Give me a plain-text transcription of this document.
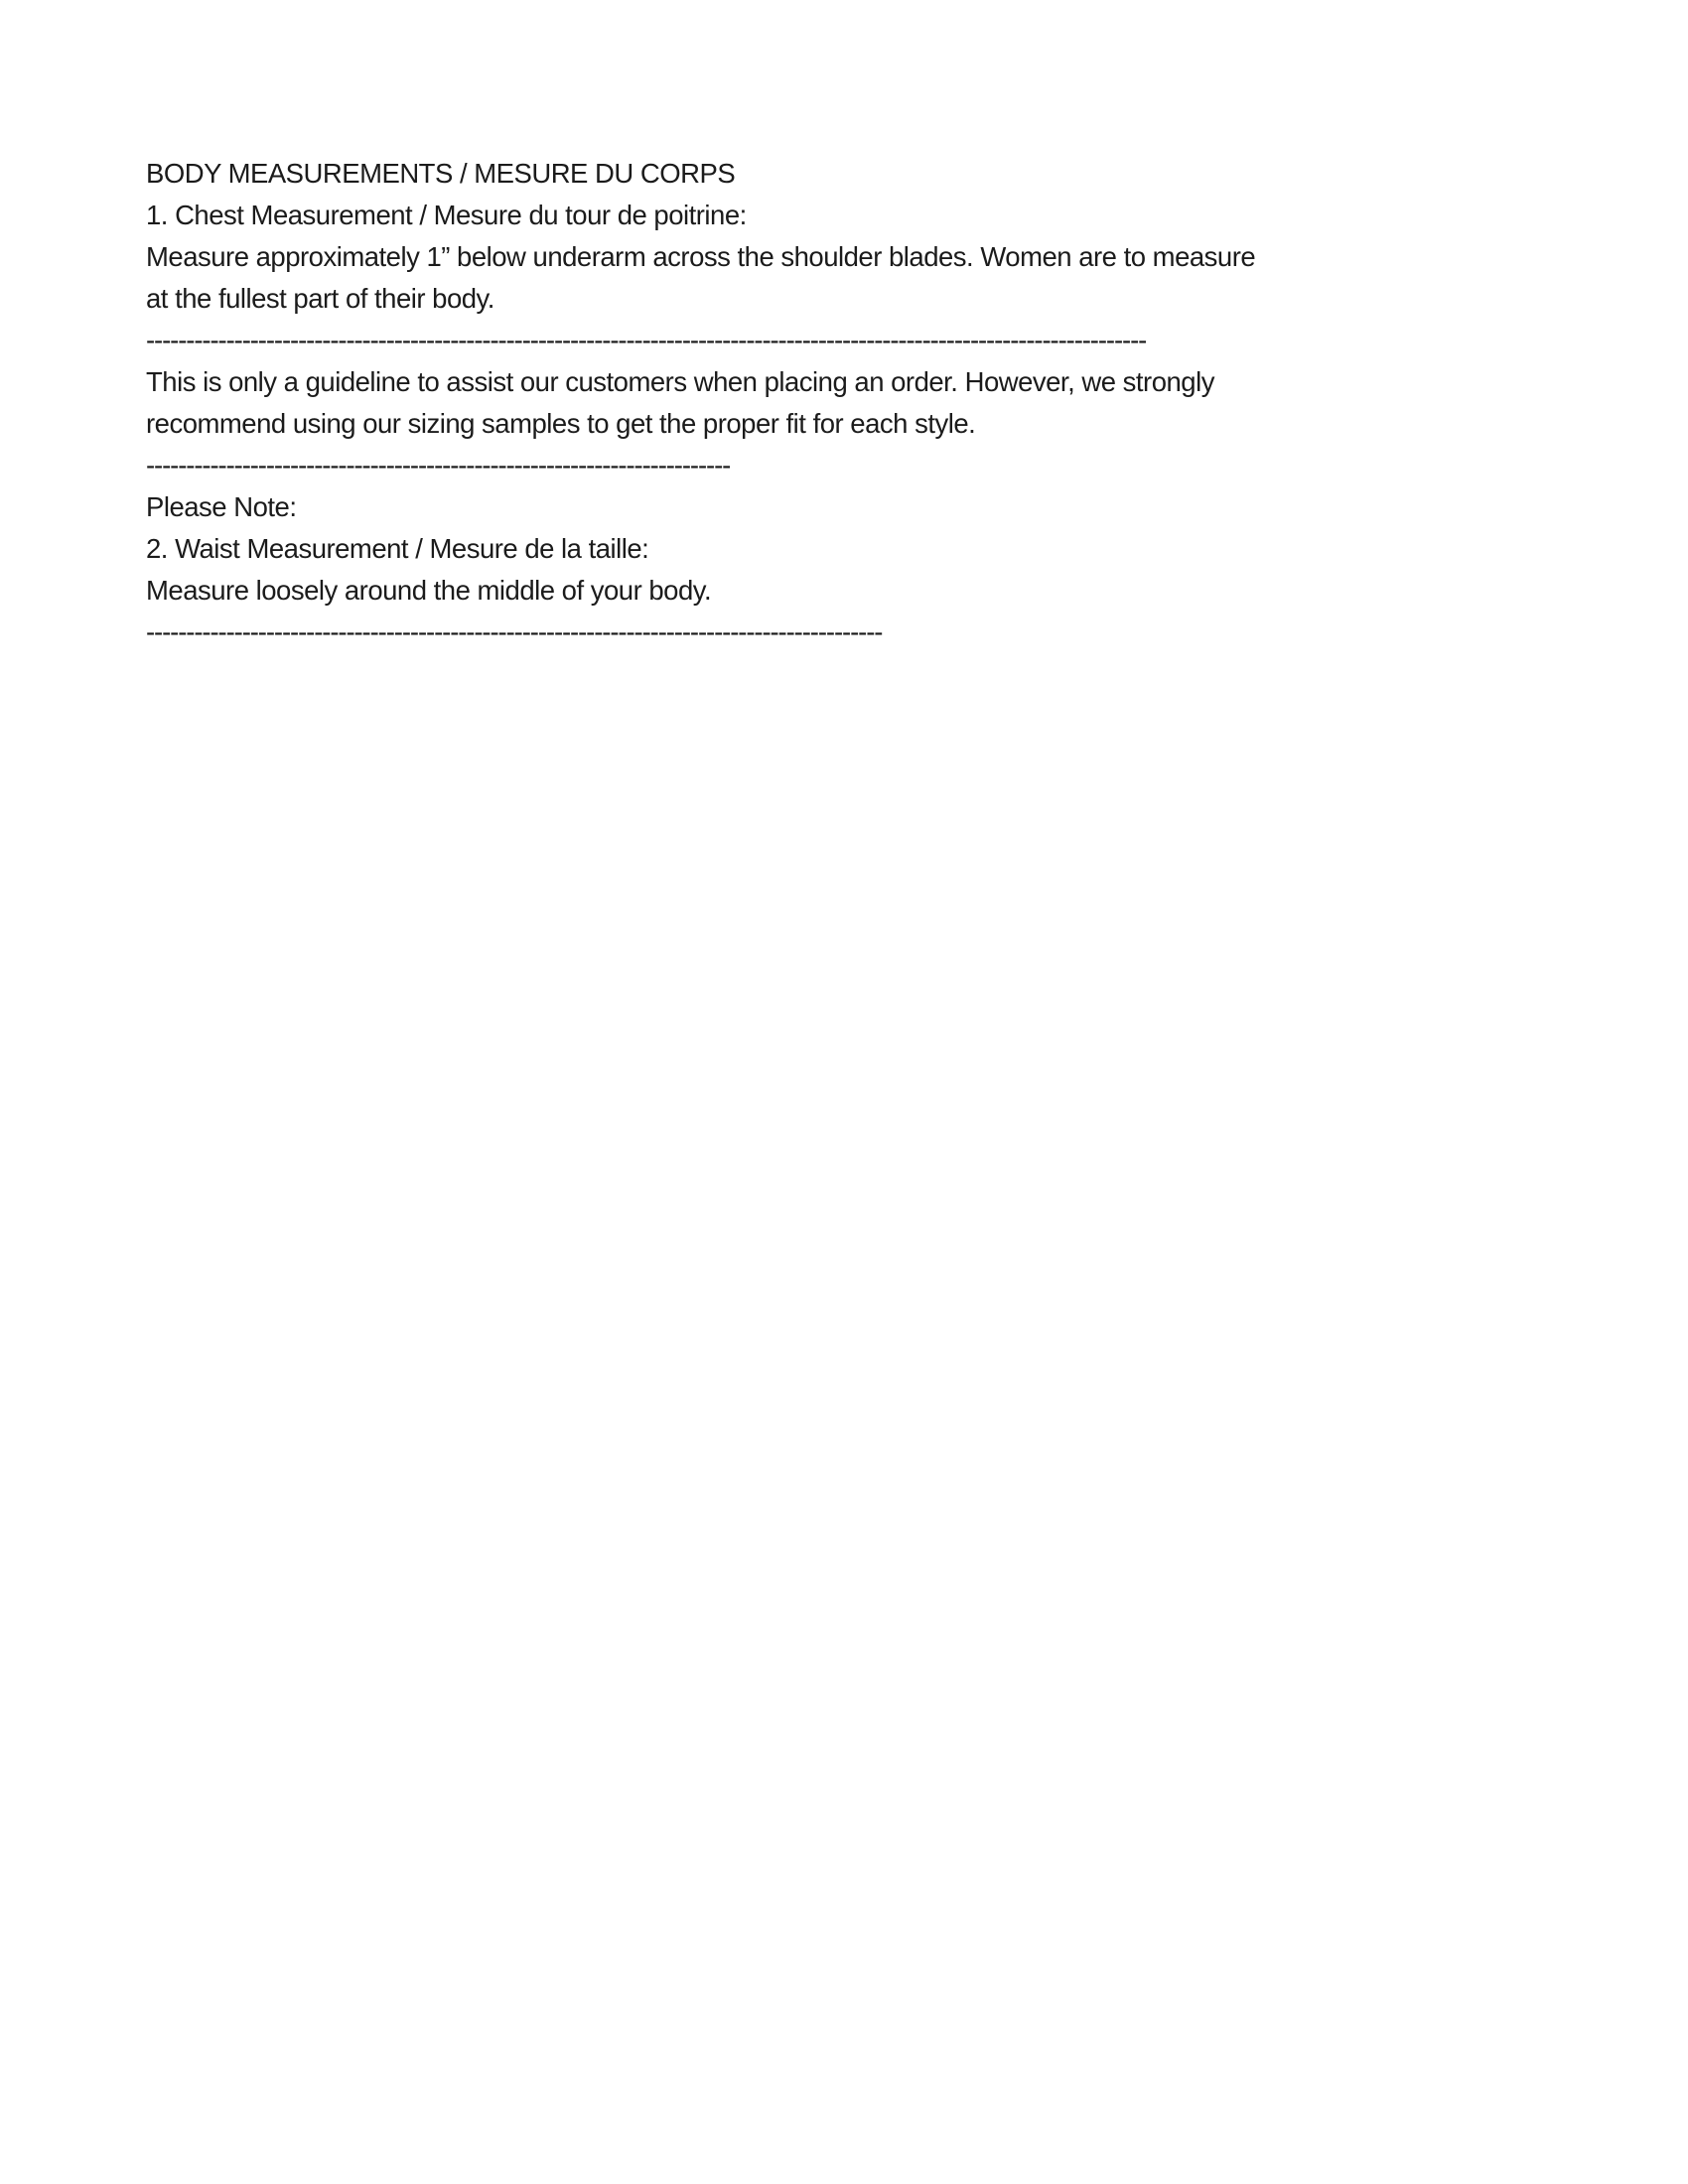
BODY MEASUREMENTS / MESURE DU CORPS

1. Chest Measurement / Mesure du tour de poitrine:

Measure approximately 1” below underarm across the shoulder blades. Women are to measure

at the fullest part of their body.

-----------------------------------------------------------------------------------------------------------------------------

This is only a guideline to assist our customers when placing an order. However, we strongly

recommend using our sizing samples to get the proper fit for each style.

-------------------------------------------------------------------------

Please Note:

2. Waist Measurement / Mesure de la taille:

Measure loosely around the middle of your body.

--------------------------------------------------------------------------------------------
